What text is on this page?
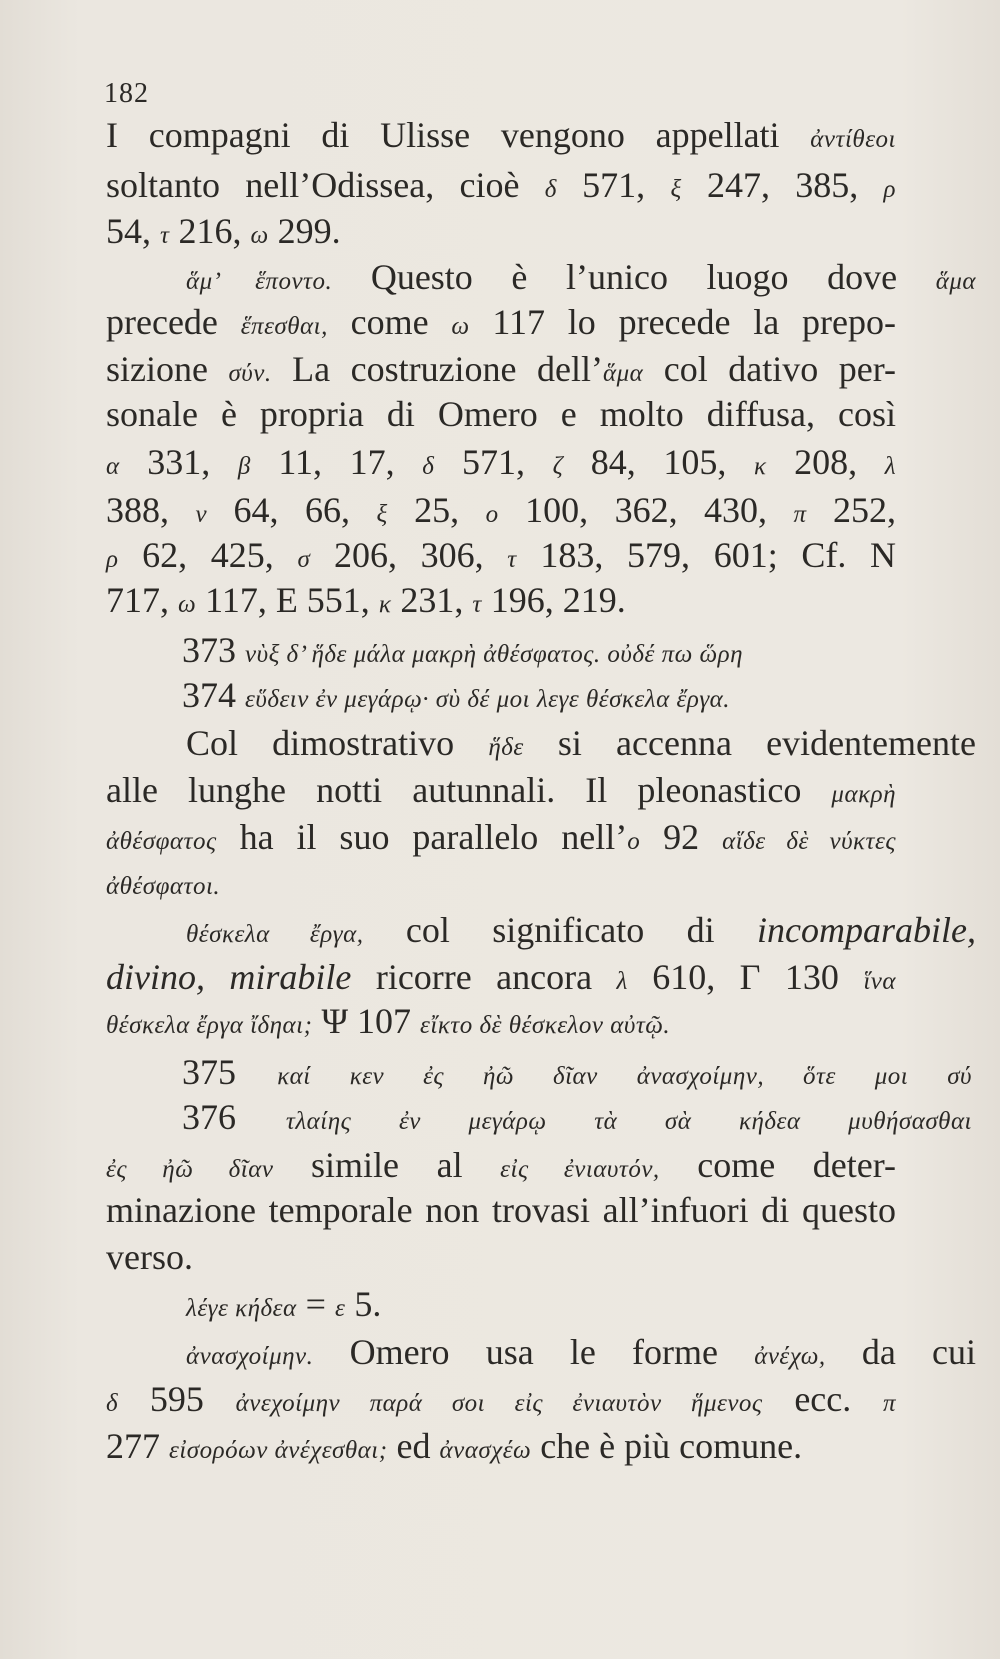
182
I compagni di Ulisse vengono appellati ἀντίθεοι
soltanto nell’Odissea, cioè δ 571, ξ 247, 385, ρ
54, τ 216, ω 299.
ἅμ’ ἕποντο. Questo è l’unico luogo dove ἅμα
precede ἕπεσθαι, come ω 117 lo precede la prepo-
sizione σύν. La costruzione dell’ἅμα col dativo per-
sonale è propria di Omero e molto diffusa, così
α 331, β 11, 17, δ 571, ζ 84, 105, κ 208, λ
388, ν 64, 66, ξ 25, ο 100, 362, 430, π 252,
ρ 62, 425, σ 206, 306, τ 183, 579, 601; Cf. N
717, ω 117, E 551, κ 231, τ 196, 219.
373 νὺξ δ’ ἥδε μάλα μακρὴ ἀθέσφατος. οὐδέ πω ὥρη
374 εὕδειν ἐν μεγάρῳ· σὺ δέ μοι λεγε θέσκελα ἔργα.
Col dimostrativo ἥδε si accenna evidentemente
alle lunghe notti autunnali. Il pleonastico μακρὴ
ἀθέσφατος ha il suo parallelo nell’ο 92 αἵδε δὲ νύκτες
ἀθέσφατοι.
θέσκελα ἔργα, col significato di incomparabile,
divino, mirabile ricorre ancora λ 610, Γ 130 ἵνα
θέσκελα ἔργα ἴδηαι; Ψ 107 εἴκτο δὲ θέσκελον αὐτῷ.
375 καί κεν ἐς ἠῶ δῖαν ἀνασχοίμην, ὅτε μοι σύ
376 τλαίης ἐν μεγάρῳ τὰ σὰ κήδεα μυθήσασθαι
ἐς ἠῶ δῖαν simile al εἰς ἐνιαυτόν, come deter-
minazione temporale non trovasi all’infuori di questo
verso.
λέγε κήδεα = ε 5.
ἀνασχοίμην. Omero usa le forme ἀνέχω, da cui
δ 595 ἀνεχοίμην παρά σοι εἰς ἐνιαυτὸν ἥμενος ecc. π
277 εἰσορόων ἀνέχεσθαι; ed ἀνασχέω che è più comune.
